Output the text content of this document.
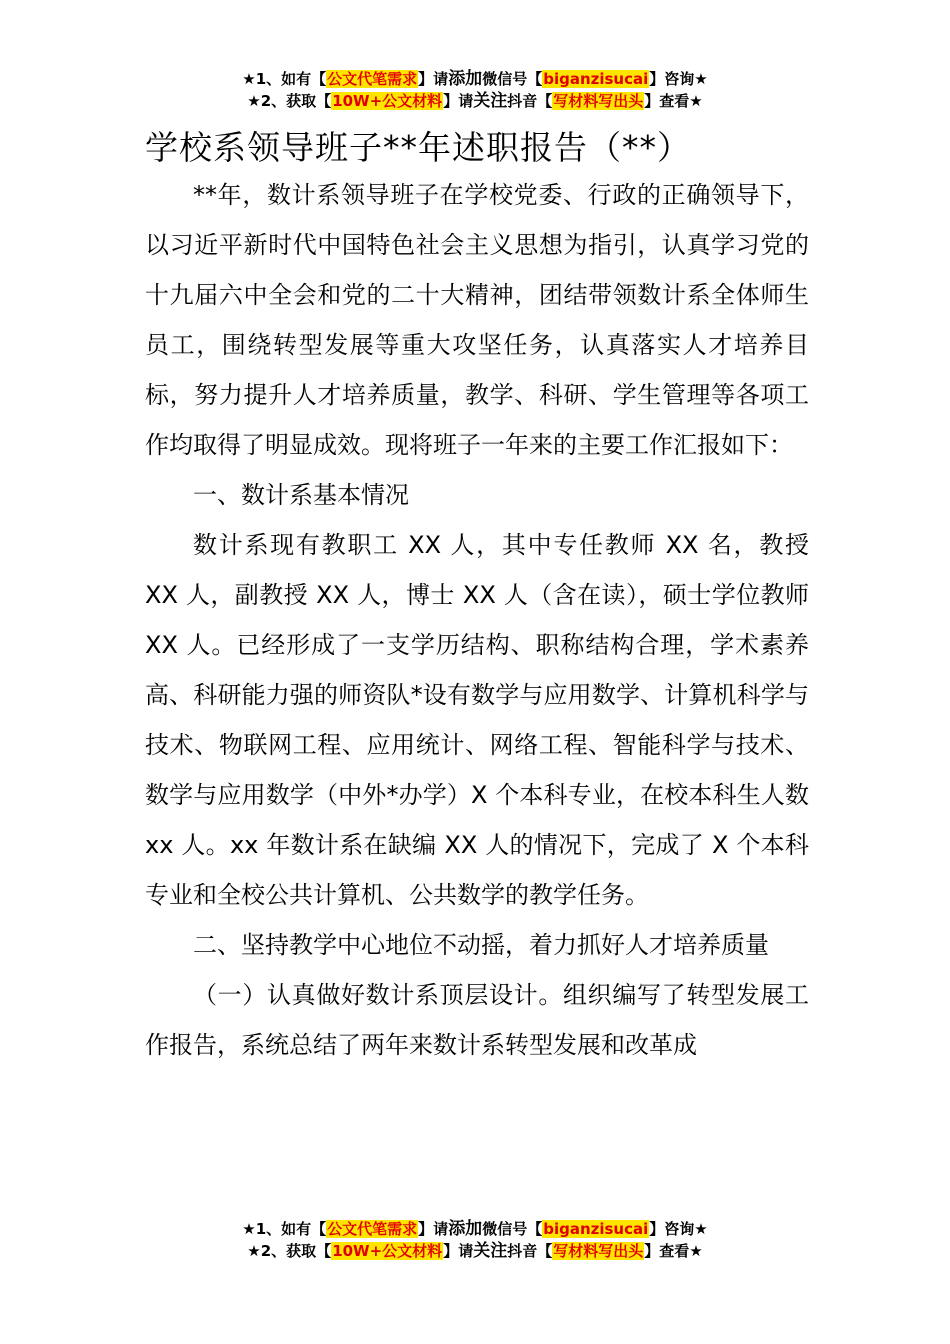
★1、如有【公文代笔需求】请添加微信号【biganzisucai】咨询★
★2、获取【10W+公文材料】请关注抖音【写材料写出头】查看★
学校系领导班子**年述职报告（**）

**年，数计系领导班子在学校党委、行政的正确领导下，以习近平新时代中国特色社会主义思想为指引，认真学习党的十九届六中全会和党的二十大精神，团结带领数计系全体师生员工，围绕转型发展等重大攻坚任务，认真落实人才培养目标，努力提升人才培养质量，教学、科研、学生管理等各项工作均取得了明显成效。现将班子一年来的主要工作汇报如下：

一、数计系基本情况

数计系现有教职工 XX 人，其中专任教师 XX 名，教授 XX 人，副教授 XX 人，博士 XX 人（含在读），硕士学位教师 XX 人。已经形成了一支学历结构、职称结构合理，学术素养高、科研能力强的师资队*设有数学与应用数学、计算机科学与技术、物联网工程、应用统计、网络工程、智能科学与技术、数学与应用数学（中外*办学）X 个本科专业，在校本科生人数 xx 人。xx 年数计系在缺编 XX 人的情况下，完成了 X 个本科专业和全校公共计算机、公共数学的教学任务。

二、坚持教学中心地位不动摇，着力抓好人才培养质量

（一）认真做好数计系顶层设计。组织编写了转型发展工作报告，系统总结了两年来数计系转型发展和改革成

★1、如有【公文代笔需求】请添加微信号【biganzisucai】咨询★
★2、获取【10W+公文材料】请关注抖音【写材料写出头】查看★
